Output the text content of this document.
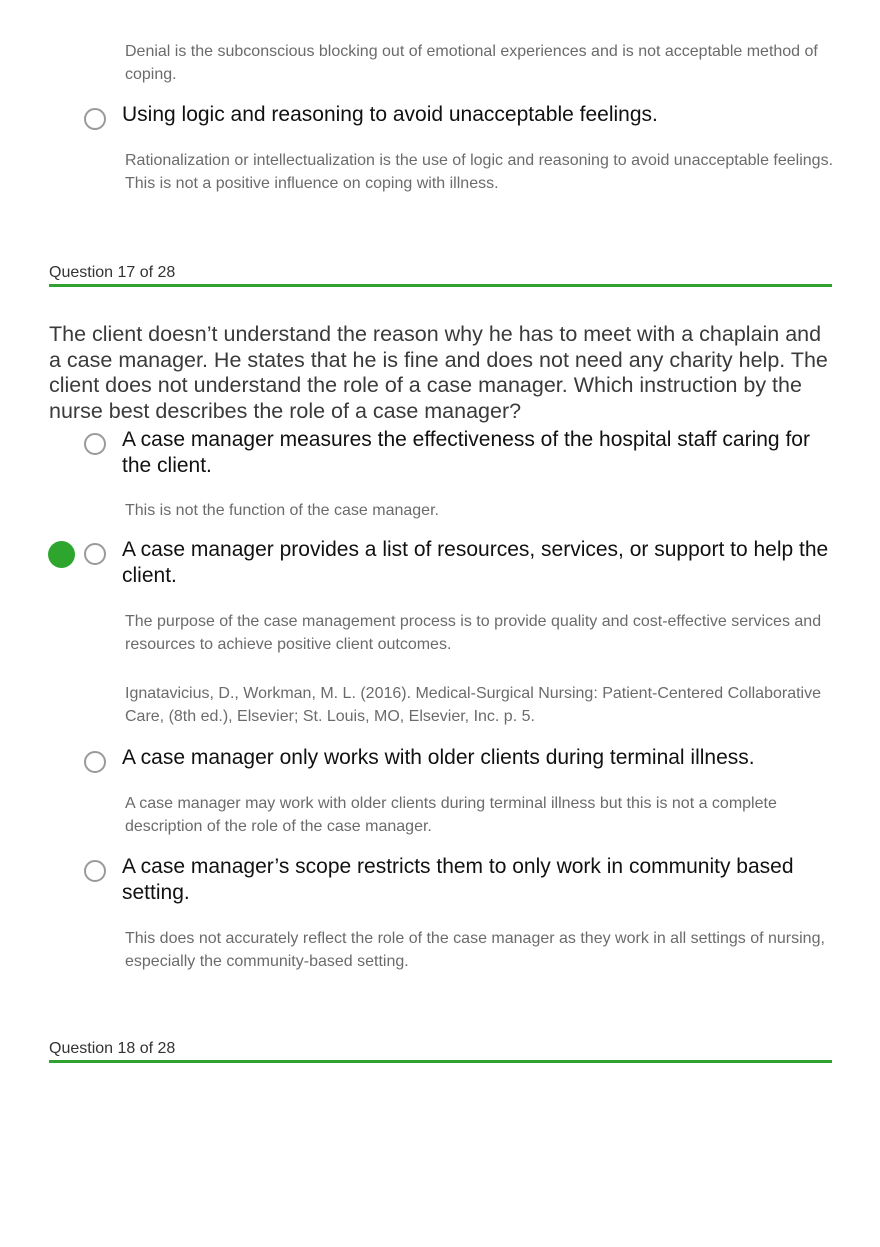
Denial is the subconscious blocking out of emotional experiences and is not acceptable method of coping.
Using logic and reasoning to avoid unacceptable feelings.
Rationalization or intellectualization is the use of logic and reasoning to avoid unacceptable feelings. This is not a positive influence on coping with illness.
Question 17 of 28
The client doesn’t understand the reason why he has to meet with a chaplain and a case manager. He states that he is fine and does not need any charity help. The client does not understand the role of a case manager. Which instruction by the nurse best describes the role of a case manager?
A case manager measures the effectiveness of the hospital staff caring for the client.
This is not the function of the case manager.
A case manager provides a list of resources, services, or support to help the client.
The purpose of the case management process is to provide quality and cost-effective services and resources to achieve positive client outcomes.
Ignatavicius, D., Workman, M. L. (2016). Medical-Surgical Nursing: Patient-Centered Collaborative Care, (8th ed.), Elsevier; St. Louis, MO, Elsevier, Inc. p. 5.
A case manager only works with older clients during terminal illness.
A case manager may work with older clients during terminal illness but this is not a complete description of the role of the case manager.
A case manager’s scope restricts them to only work in community based setting.
This does not accurately reflect the role of the case manager as they work in all settings of nursing, especially the community-based setting.
Question 18 of 28
